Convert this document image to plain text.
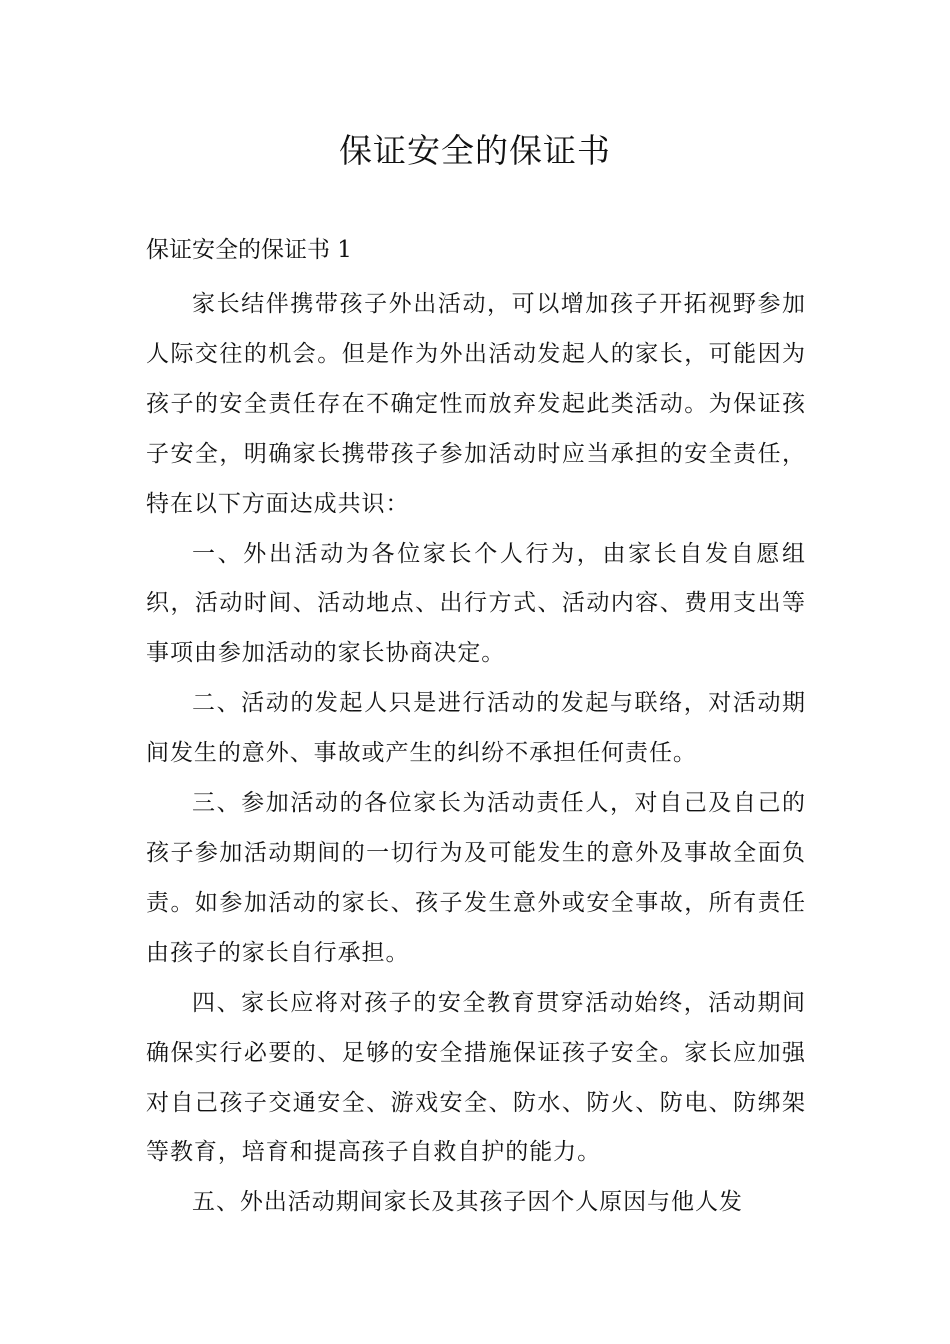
保证安全的保证书

保证安全的保证书 1

家长结伴携带孩子外出活动，可以增加孩子开拓视野参加人际交往的机会。但是作为外出活动发起人的家长，可能因为孩子的安全责任存在不确定性而放弃发起此类活动。为保证孩子安全，明确家长携带孩子参加活动时应当承担的安全责任，特在以下方面达成共识：

一、外出活动为各位家长个人行为，由家长自发自愿组织，活动时间、活动地点、出行方式、活动内容、费用支出等事项由参加活动的家长协商决定。

二、活动的发起人只是进行活动的发起与联络，对活动期间发生的意外、事故或产生的纠纷不承担任何责任。

三、参加活动的各位家长为活动责任人，对自己及自己的孩子参加活动期间的一切行为及可能发生的意外及事故全面负责。如参加活动的家长、孩子发生意外或安全事故，所有责任由孩子的家长自行承担。

四、家长应将对孩子的安全教育贯穿活动始终，活动期间确保实行必要的、足够的安全措施保证孩子安全。家长应加强对自己孩子交通安全、游戏安全、防水、防火、防电、防绑架等教育，培育和提高孩子自救自护的能力。

五、外出活动期间家长及其孩子因个人原因与他人发
